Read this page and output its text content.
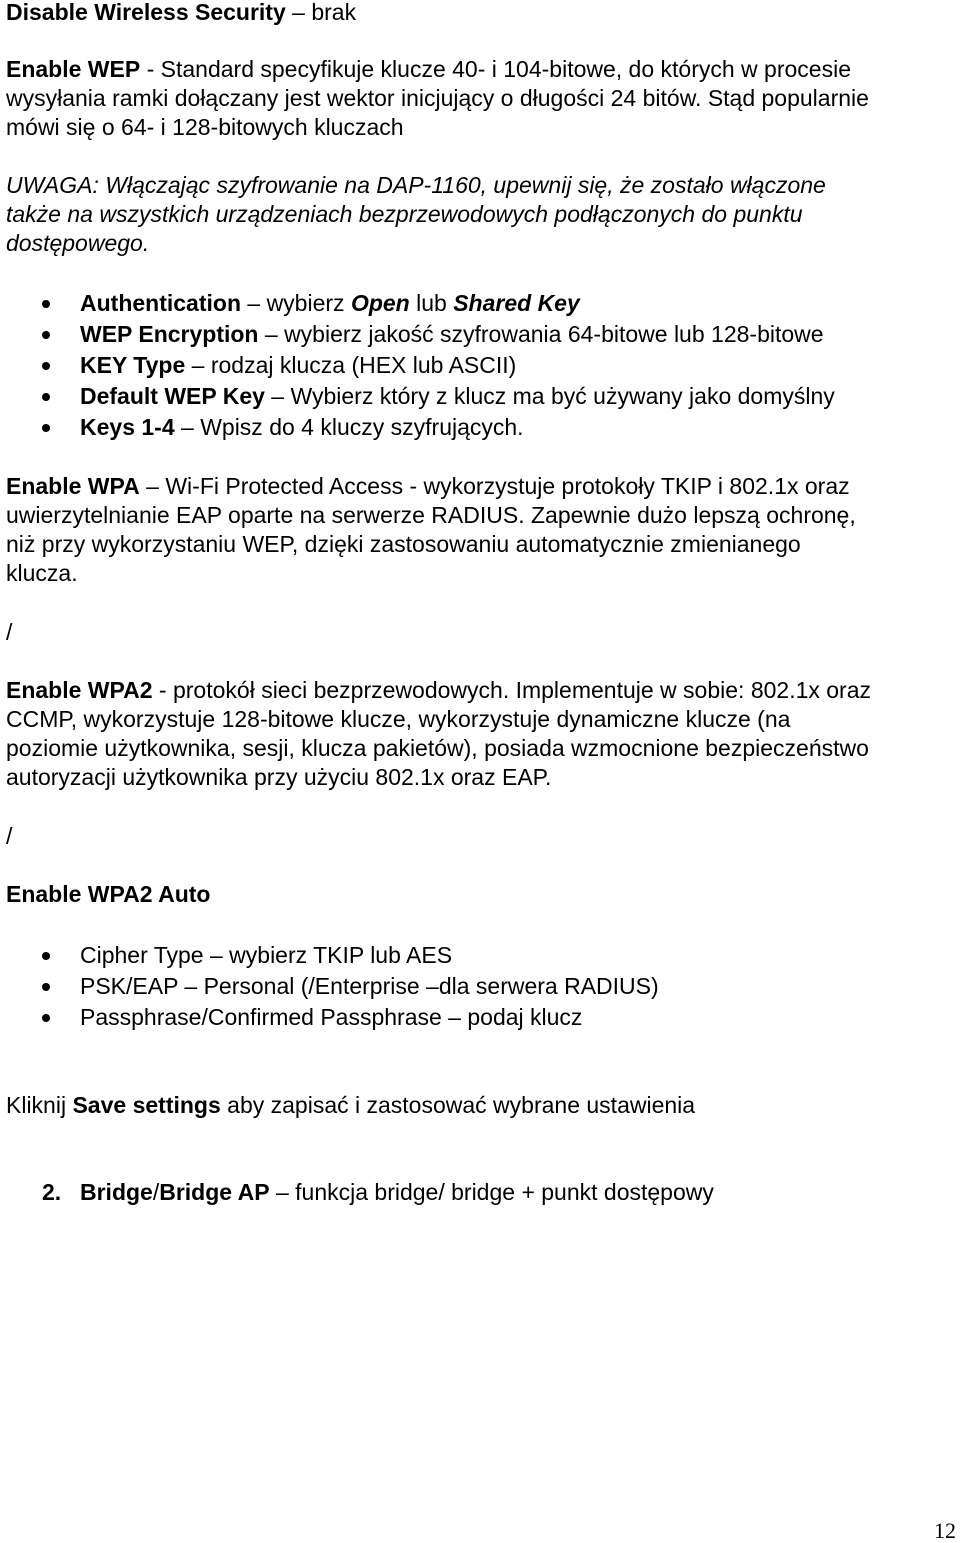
Disable Wireless Security – brak
Enable WEP - Standard specyfikuje klucze 40- i 104-bitowe, do których w procesie
wysyłania ramki dołączany jest wektor inicjujący o długości 24 bitów. Stąd popularnie
mówi się o 64- i 128-bitowych kluczach
UWAGA: Włączając szyfrowanie na DAP-1160, upewnij się, że zostało włączone
także na wszystkich urządzeniach bezprzewodowych podłączonych do punktu
dostępowego.
Authentication – wybierz Open lub Shared Key
WEP Encryption – wybierz jakość szyfrowania 64-bitowe lub 128-bitowe
KEY Type – rodzaj klucza (HEX lub ASCII)
Default WEP Key – Wybierz który z klucz ma być używany jako domyślny
Keys 1-4 – Wpisz do 4 kluczy szyfrujących.
Enable WPA – Wi-Fi Protected Access - wykorzystuje protokoły TKIP i 802.1x oraz
uwierzytelnianie EAP oparte na serwerze RADIUS. Zapewnie dużo lepszą ochronę,
niż przy wykorzystaniu WEP, dzięki zastosowaniu automatycznie zmienianego
klucza.
/
Enable WPA2 - protokół sieci bezprzewodowych. Implementuje w sobie: 802.1x oraz
CCMP, wykorzystuje 128-bitowe klucze, wykorzystuje dynamiczne klucze (na
poziomie użytkownika, sesji, klucza pakietów), posiada wzmocnione bezpieczeństwo
autoryzacji użytkownika przy użyciu 802.1x oraz EAP.
/
Enable WPA2 Auto
Cipher Type – wybierz TKIP lub AES
PSK/EAP – Personal (/Enterprise –dla serwera RADIUS)
Passphrase/Confirmed Passphrase – podaj klucz
Kliknij Save settings aby zapisać i zastosować wybrane ustawienia
2. Bridge/Bridge AP – funkcja bridge/ bridge + punkt dostępowy
12
